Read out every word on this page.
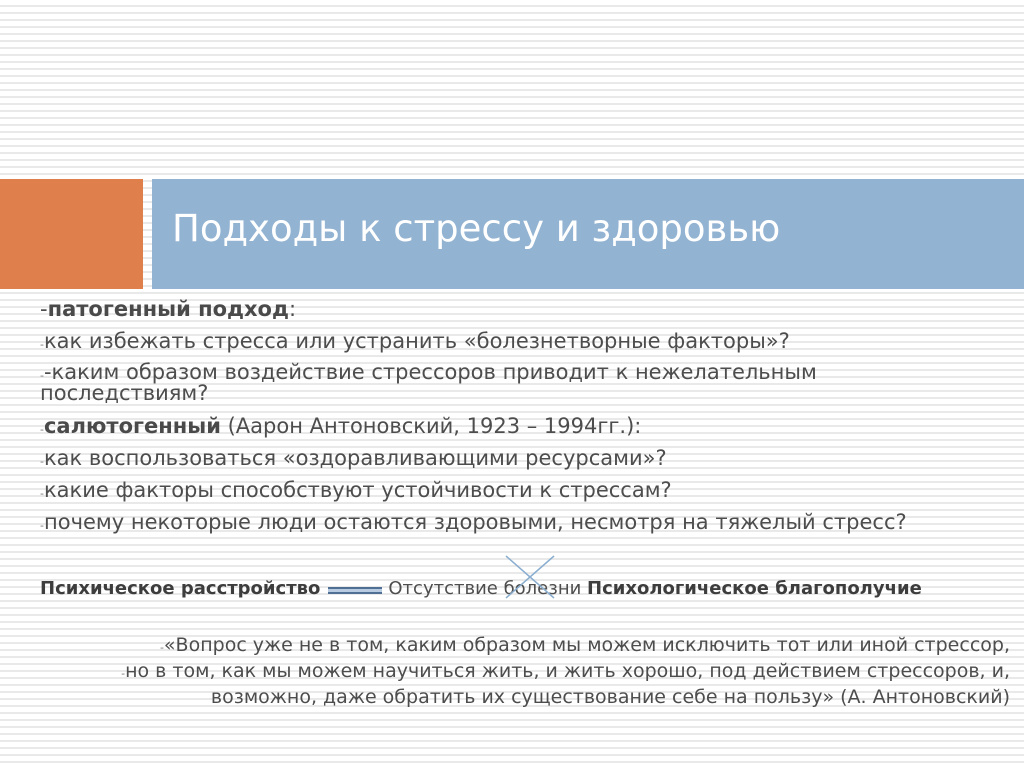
Подходы к стрессу и здоровью
-патогенный подход:
-как избежать стресса или устранить «болезнетворные факторы»?
--каким образом воздействие стрессоров приводит к нежелательным
последствиям?
-салютогенный (Аарон Антоновский, 1923 – 1994гг.):
-как воспользоваться «оздоравливающими ресурсами»?
-какие факторы способствуют устойчивости к стрессам?
-почему некоторые люди остаются здоровыми, несмотря на тяжелый стресс?
Психическое расстройство	Отсутствие болезни Психологическое благополучие
-«Вопрос уже не в том, каким образом мы можем исключить тот или иной стрессор,
-но в том, как мы можем научиться жить, и жить хорошо, под действием стрессоров, и,
возможно, даже обратить их существование себе на пользу» (А. Антоновский)
